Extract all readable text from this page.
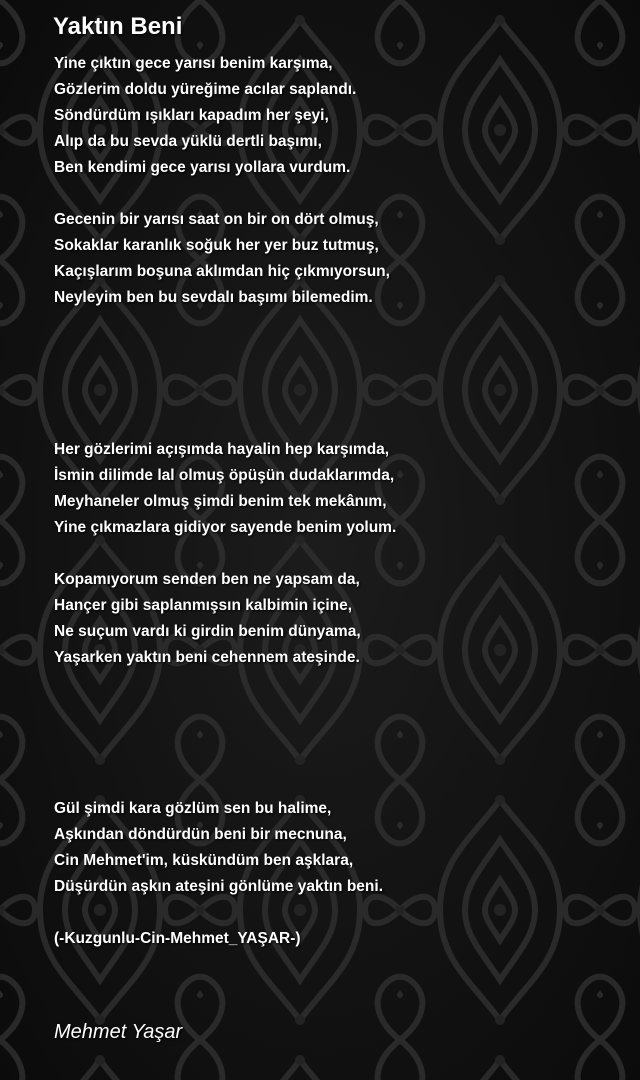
Yaktın Beni
Yine çıktın gece yarısı benim karşıma,
Gözlerim doldu yüreğime acılar saplandı.
Söndürdüm ışıkları kapadım her şeyi,
Alıp da bu sevda yüklü dertli başımı,
Ben kendimi gece yarısı yollara vurdum.
Gecenin bir yarısı saat on bir on dört olmuş,
Sokaklar karanlık soğuk her yer buz tutmuş,
Kaçışlarım boşuna aklımdan hiç çıkmıyorsun,
Neyleyim ben bu sevdalı başımı bilemedim.
Her gözlerimi açışımda hayalin hep karşımda,
İsmin dilimde lal olmuş öpüşün dudaklarımda,
Meyhaneler olmuş şimdi benim tek mekânım,
Yine çıkmazlara gidiyor sayende benim yolum.
Kopamıyorum senden ben ne yapsam da,
Hançer gibi saplanmışsın kalbimin içine,
Ne suçum vardı ki girdin benim dünyama,
Yaşarken yaktın beni cehennem ateşinde.
Gül şimdi kara gözlüm sen bu halime,
Aşkından döndürdün beni bir mecnuna,
Cin Mehmet'im, küskündüm ben aşklara,
Düşürdün aşkın ateşini gönlüme yaktın beni.
(-Kuzgunlu-Cin-Mehmet_YAŞAR-)

Mehmet Yaşar
